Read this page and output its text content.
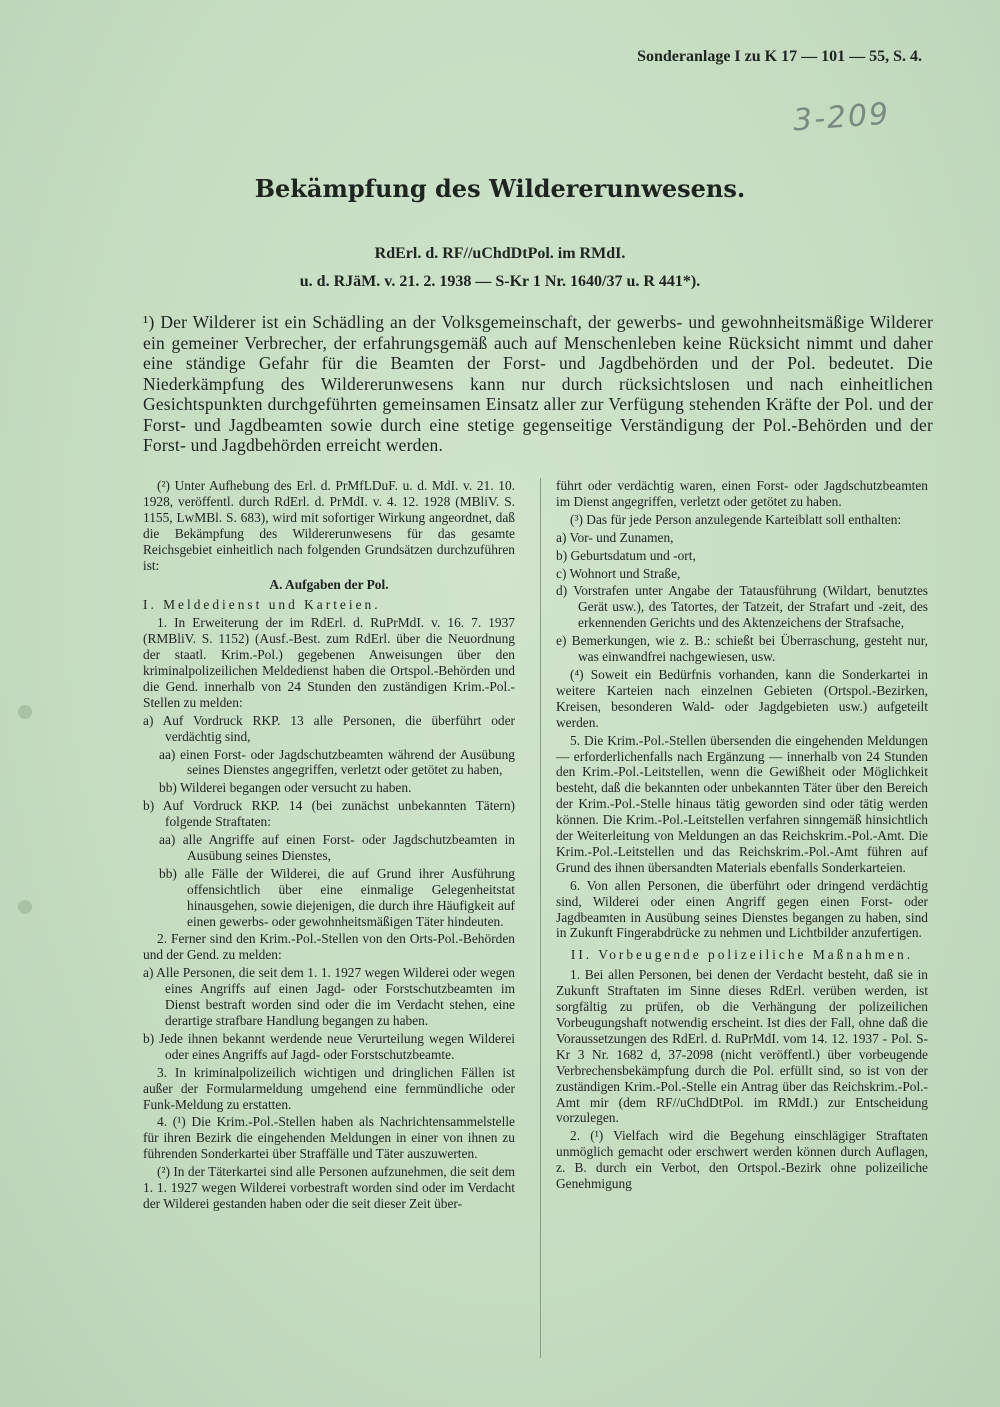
Sonderanlage I zu K 17 — 101 — 55, S. 4.
3-209
Bekämpfung des Wildererunwesens.
RdErl. d. RF//uChdDtPol. im RMdI.
u. d. RJäM. v. 21. 2. 1938 — S-Kr 1 Nr. 1640/37 u. R 441*).
¹) Der Wilderer ist ein Schädling an der Volksgemeinschaft, der gewerbs- und gewohnheitsmäßige Wilderer ein gemeiner Verbrecher, der erfahrungsgemäß auch auf Menschenleben keine Rücksicht nimmt und daher eine ständige Gefahr für die Beamten der Forst- und Jagdbehörden und der Pol. bedeutet. Die Niederkämpfung des Wildererunwesens kann nur durch rücksichtslosen und nach einheitlichen Gesichtspunkten durchgeführten gemeinsamen Einsatz aller zur Verfügung stehenden Kräfte der Pol. und der Forst- und Jagdbeamten sowie durch eine stetige gegenseitige Verständigung der Pol.-Behörden und der Forst- und Jagdbehörden erreicht werden.

(²) Unter Aufhebung des Erl. d. PrMfLDuF. u. d. MdI. v. 21. 10. 1928, veröffentl. durch RdErl. d. PrMdI. v. 4. 12. 1928 (MBliV. S. 1155, LwMBl. S. 683), wird mit sofortiger Wirkung angeordnet, daß die Bekämpfung des Wildererunwesens für das gesamte Reichsgebiet einheitlich nach folgenden Grundsätzen durchzuführen ist:

A. Aufgaben der Pol.

I. Meldedienst und Karteien.

1. In Erweiterung der im RdErl. d. RuPrMdI. v. 16. 7. 1937 (RMBliV. S. 1152) (Ausf.-Best. zum RdErl. über die Neuordnung der staatl. Krim.-Pol.) gegebenen Anweisungen über den kriminalpolizeilichen Meldedienst haben die Ortspol.-Behörden und die Gend. innerhalb von 24 Stunden den zuständigen Krim.-Pol.-Stellen zu melden:

a) Auf Vordruck RKP. 13 alle Personen, die überführt oder verdächtig sind,

aa) einen Forst- oder Jagdschutzbeamten während der Ausübung seines Dienstes angegriffen, verletzt oder getötet zu haben,

bb) Wilderei begangen oder versucht zu haben.

b) Auf Vordruck RKP. 14 (bei zunächst unbekannten Tätern) folgende Straftaten:

aa) alle Angriffe auf einen Forst- oder Jagdschutzbeamten in Ausübung seines Dienstes,

bb) alle Fälle der Wilderei, die auf Grund ihrer Ausführung offensichtlich über eine einmalige Gelegenheitstat hinausgehen, sowie diejenigen, die durch ihre Häufigkeit auf einen gewerbs- oder gewohnheitsmäßigen Täter hindeuten.

2. Ferner sind den Krim.-Pol.-Stellen von den Orts-Pol.-Behörden und der Gend. zu melden:

a) Alle Personen, die seit dem 1. 1. 1927 wegen Wilderei oder wegen eines Angriffs auf einen Jagd- oder Forstschutzbeamten im Dienst bestraft worden sind oder die im Verdacht stehen, eine derartige strafbare Handlung begangen zu haben.

b) Jede ihnen bekannt werdende neue Verurteilung wegen Wilderei oder eines Angriffs auf Jagd- oder Forstschutzbeamte.

3. In kriminalpolizeilich wichtigen und dringlichen Fällen ist außer der Formularmeldung umgehend eine fernmündliche oder Funk-Meldung zu erstatten.

4. (¹) Die Krim.-Pol.-Stellen haben als Nachrichtensammelstelle für ihren Bezirk die eingehenden Meldungen in einer von ihnen zu führenden Sonderkartei über Straffälle und Täter auszuwerten.

(²) In der Täterkartei sind alle Personen aufzunehmen, die seit dem 1. 1. 1927 wegen Wilderei vorbestraft worden sind oder im Verdacht der Wilderei gestanden haben oder die seit dieser Zeit über-

führt oder verdächtig waren, einen Forst- oder Jagdschutzbeamten im Dienst angegriffen, verletzt oder getötet zu haben.

(³) Das für jede Person anzulegende Karteiblatt soll enthalten:

a) Vor- und Zunamen,

b) Geburtsdatum und -ort,

c) Wohnort und Straße,

d) Vorstrafen unter Angabe der Tatausführung (Wildart, benutztes Gerät usw.), des Tatortes, der Tatzeit, der Strafart und -zeit, des erkennenden Gerichts und des Aktenzeichens der Strafsache,

e) Bemerkungen, wie z. B.: schießt bei Überraschung, gesteht nur, was einwandfrei nachgewiesen, usw.

(⁴) Soweit ein Bedürfnis vorhanden, kann die Sonderkartei in weitere Karteien nach einzelnen Gebieten (Ortspol.-Bezirken, Kreisen, besonderen Wald- oder Jagdgebieten usw.) aufgeteilt werden.

5. Die Krim.-Pol.-Stellen übersenden die eingehenden Meldungen — erforderlichenfalls nach Ergänzung — innerhalb von 24 Stunden den Krim.-Pol.-Leitstellen, wenn die Gewißheit oder Möglichkeit besteht, daß die bekannten oder unbekannten Täter über den Bereich der Krim.-Pol.-Stelle hinaus tätig geworden sind oder tätig werden können. Die Krim.-Pol.-Leitstellen verfahren sinngemäß hinsichtlich der Weiterleitung von Meldungen an das Reichskrim.-Pol.-Amt. Die Krim.-Pol.-Leitstellen und das Reichskrim.-Pol.-Amt führen auf Grund des ihnen übersandten Materials ebenfalls Sonderkarteien.

6. Von allen Personen, die überführt oder dringend verdächtig sind, Wilderei oder einen Angriff gegen einen Forst- oder Jagdbeamten in Ausübung seines Dienstes begangen zu haben, sind in Zukunft Fingerabdrücke zu nehmen und Lichtbilder anzufertigen.

II. Vorbeugende polizeiliche Maßnahmen.

1. Bei allen Personen, bei denen der Verdacht besteht, daß sie in Zukunft Straftaten im Sinne dieses RdErl. verüben werden, ist sorgfältig zu prüfen, ob die Verhängung der polizeilichen Vorbeugungshaft notwendig erscheint. Ist dies der Fall, ohne daß die Voraussetzungen des RdErl. d. RuPrMdI. vom 14. 12. 1937 - Pol. S-Kr 3 Nr. 1682 d, 37-2098 (nicht veröffentl.) über vorbeugende Verbrechensbekämpfung durch die Pol. erfüllt sind, so ist von der zuständigen Krim.-Pol.-Stelle ein Antrag über das Reichskrim.-Pol.-Amt mir (dem RF//uChdDtPol. im RMdI.) zur Entscheidung vorzulegen.

2. (¹) Vielfach wird die Begehung einschlägiger Straftaten unmöglich gemacht oder erschwert werden können durch Auflagen, z. B. durch ein Verbot, den Ortspol.-Bezirk ohne polizeiliche Genehmigung
